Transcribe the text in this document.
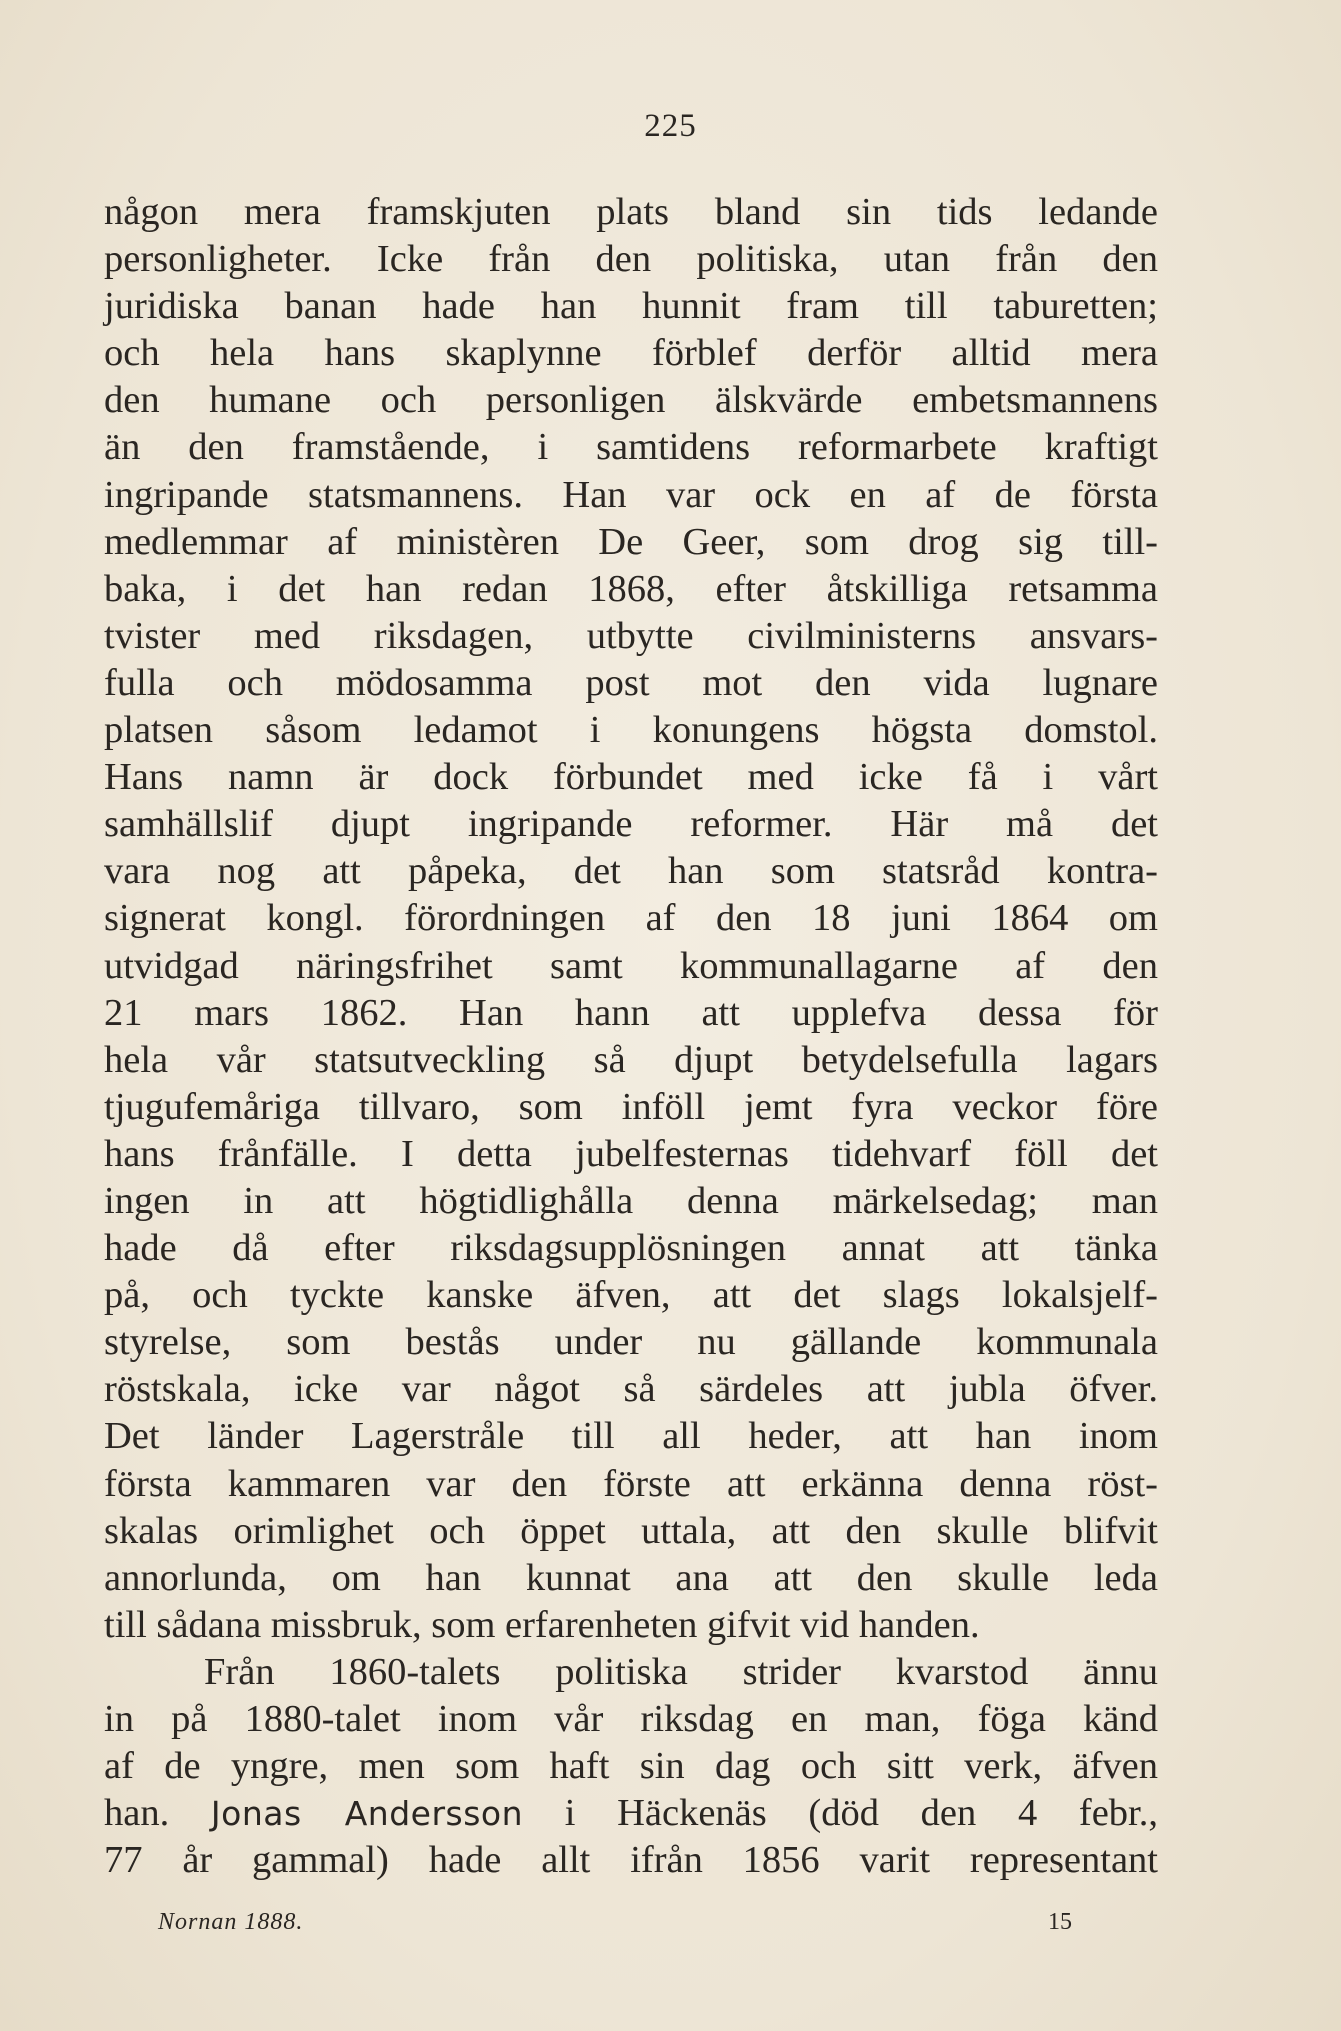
225
någon mera framskjuten plats bland sin tids ledande
personligheter. Icke från den politiska, utan från den
juridiska banan hade han hunnit fram till taburetten;
och hela hans skaplynne förblef derför alltid mera
den humane och personligen älskvärde embetsmannens
än den framstående, i samtidens reformarbete kraftigt
ingripande statsmannens. Han var ock en af de första
medlemmar af ministèren De Geer, som drog sig till-
baka, i det han redan 1868, efter åtskilliga retsamma
tvister med riksdagen, utbytte civilministerns ansvars-
fulla och mödosamma post mot den vida lugnare
platsen såsom ledamot i konungens högsta domstol.
Hans namn är dock förbundet med icke få i vårt
samhällslif djupt ingripande reformer. Här må det
vara nog att påpeka, det han som statsråd kontra-
signerat kongl. förordningen af den 18 juni 1864 om
utvidgad näringsfrihet samt kommunallagarne af den
21 mars 1862. Han hann att upplefva dessa för
hela vår statsutveckling så djupt betydelsefulla lagars
tjugufemåriga tillvaro, som inföll jemt fyra veckor före
hans frånfälle. I detta jubelfesternas tidehvarf föll det
ingen in att högtidlighålla denna märkelsedag; man
hade då efter riksdagsupplösningen annat att tänka
på, och tyckte kanske äfven, att det slags lokalsjelf-
styrelse, som bestås under nu gällande kommunala
röstskala, icke var något så särdeles att jubla öfver.
Det länder Lagerstråle till all heder, att han inom
första kammaren var den förste att erkänna denna röst-
skalas orimlighet och öppet uttala, att den skulle blifvit
annorlunda, om han kunnat ana att den skulle leda
till sådana missbruk, som erfarenheten gifvit vid handen.
Från 1860-talets politiska strider kvarstod ännu
in på 1880-talet inom vår riksdag en man, föga känd
af de yngre, men som haft sin dag och sitt verk, äfven
han. Jonas Andersson i Häckenäs (död den 4 febr.,
77 år gammal) hade allt ifrån 1856 varit representant
Nornan 1888.	15
